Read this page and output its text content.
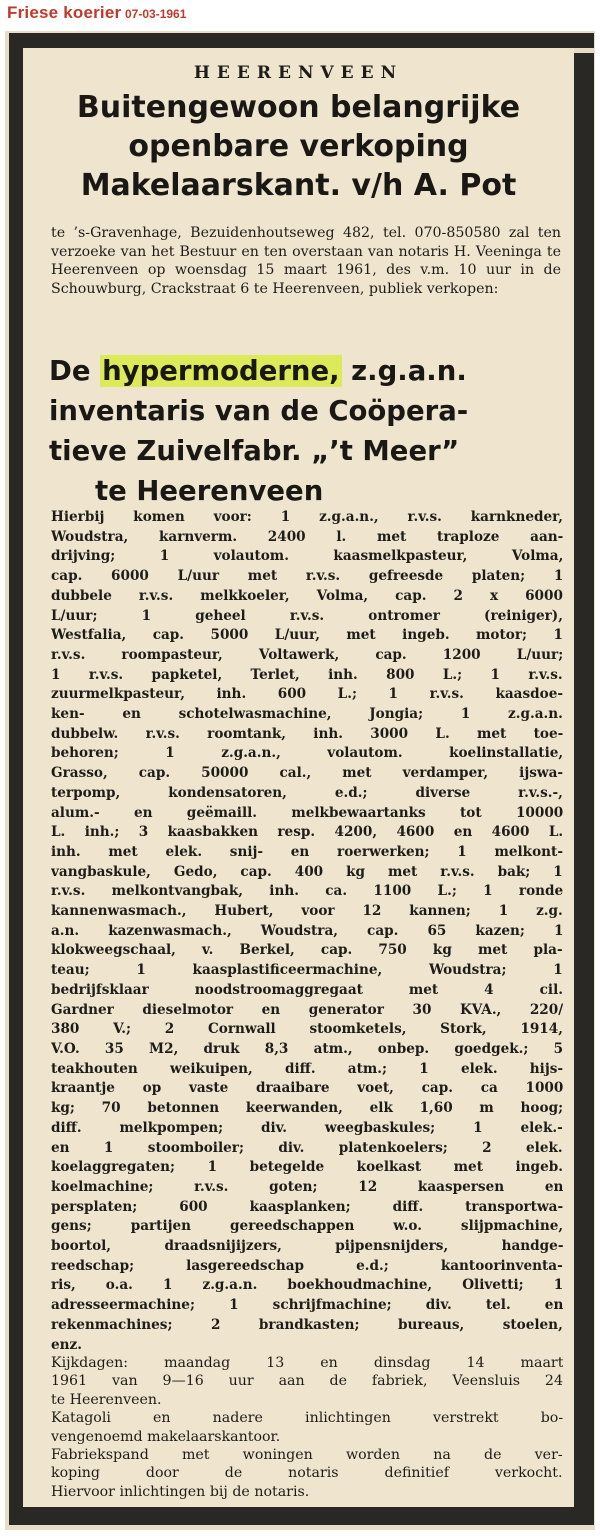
Friese koerier 07-03-1961
HEERENVEEN
Buitengewoon belangrijke
openbare verkoping
Makelaarskant. v/h A. Pot
te ’s-Gravenhage, Bezuidenhoutseweg 482, tel. 070-850580 zal ten verzoeke van het Bestuur en ten overstaan van notaris H. Veeninga te Heerenveen op woensdag 15 maart 1961, des v.m. 10 uur in de Schouwburg, Crackstraat 6 te Heerenveen, publiek verkopen:
De hypermoderne, z.g.a.n.
inventaris van de Coöpera-
tieve Zuivelfabr. „’t Meer”
te Heerenveen
Hierbij komen voor: 1 z.g.a.n., r.v.s. karnkneder,
Woudstra, karnverm. 2400 l. met traploze aan-
drijving; 1 volautom. kaasmelkpasteur, Volma,
cap. 6000 L/uur met r.v.s. gefreesde platen; 1
dubbele r.v.s. melkkoeler, Volma, cap. 2 x 6000
L/uur; 1 geheel r.v.s. ontromer (reiniger),
Westfalia, cap. 5000 L/uur, met ingeb. motor; 1
r.v.s. roompasteur, Voltawerk, cap. 1200 L/uur;
1 r.v.s. papketel, Terlet, inh. 800 L.; 1 r.v.s.
zuurmelkpasteur, inh. 600 L.; 1 r.v.s. kaasdoe-
ken- en schotelwasmachine, Jongia; 1 z.g.a.n.
dubbelw. r.v.s. roomtank, inh. 3000 L. met toe-
behoren; 1 z.g.a.n., volautom. koelinstallatie,
Grasso, cap. 50000 cal., met verdamper, ijswa-
terpomp, kondensatoren, e.d.; diverse r.v.s.-,
alum.- en geëmaill. melkbewaartanks tot 10000
L. inh.; 3 kaasbakken resp. 4200, 4600 en 4600 L.
inh. met elek. snij- en roerwerken; 1 melkont-
vangbaskule, Gedo, cap. 400 kg met r.v.s. bak; 1
r.v.s. melkontvangbak, inh. ca. 1100 L.; 1 ronde
kannenwasmach., Hubert, voor 12 kannen; 1 z.g.
a.n. kazenwasmach., Woudstra, cap. 65 kazen; 1
klokweegschaal, v. Berkel, cap. 750 kg met pla-
teau; 1 kaasplastificeermachine, Woudstra; 1
bedrijfsklaar noodstroomaggregaat met 4 cil.
Gardner dieselmotor en generator 30 KVA., 220/
380 V.; 2 Cornwall stoomketels, Stork, 1914,
V.O. 35 M2, druk 8,3 atm., onbep. goedgek.; 5
teakhouten weikuipen, diff. atm.; 1 elek. hijs-
kraantje op vaste draaibare voet, cap. ca 1000
kg; 70 betonnen keerwanden, elk 1,60 m hoog;
diff. melkpompen; div. weegbaskules; 1 elek.-
en 1 stoomboiler; div. platenkoelers; 2 elek.
koelaggregaten; 1 betegelde koelkast met ingeb.
koelmachine; r.v.s. goten; 12 kaaspersen en
persplaten; 600 kaasplanken; diff. transportwa-
gens; partijen gereedschappen w.o. slijpmachine,
boortol, draadsnijijzers, pijpensnijders, handge-
reedschap; lasgereedschap e.d.; kantoorinventa-
ris, o.a. 1 z.g.a.n. boekhoudmachine, Olivetti; 1
adresseermachine; 1 schrijfmachine; div. tel. en
rekenmachines; 2 brandkasten; bureaus, stoelen,
enz.
Kijkdagen: maandag 13 en dinsdag 14 maart
1961 van 9—16 uur aan de fabriek, Veensluis 24
te Heerenveen.
Katagoli en nadere inlichtingen verstrekt bo-
vengenoemd makelaarskantoor.
Fabriekspand met woningen worden na de ver-
koping door de notaris definitief verkocht.
Hiervoor inlichtingen bij de notaris.
